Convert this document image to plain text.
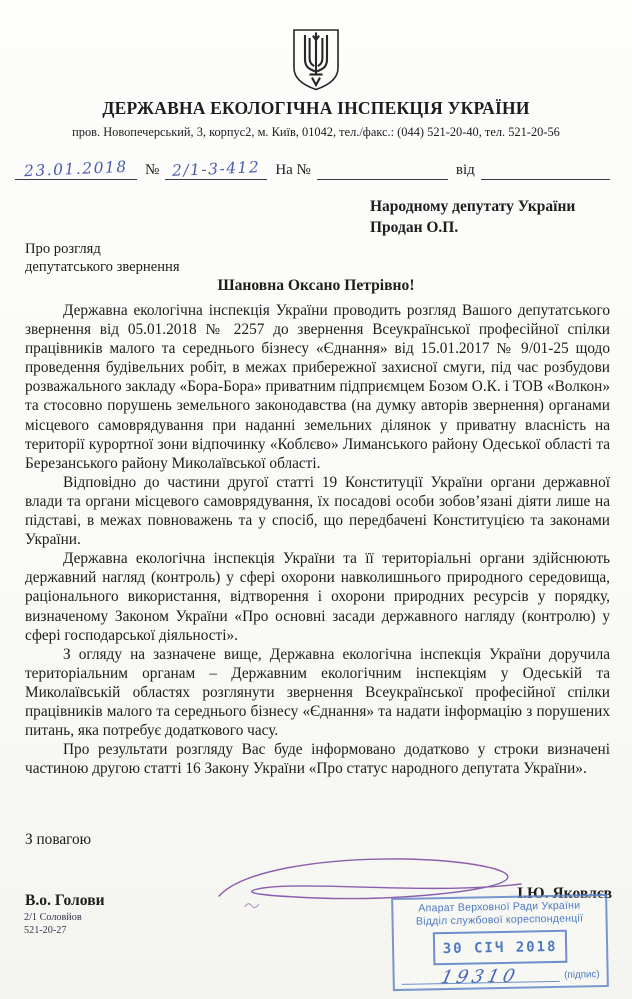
ДЕРЖАВНА ЕКОЛОГІЧНА ІНСПЕКЦІЯ УКРАЇНИ
пров. Новопечерський, 3, корпус2, м. Київ, 01042, тел./факс.: (044) 521-20-40, тел. 521-20-56
23.01.2018	№ 2/1-3-412 На №	від
Народному депутату України
Продан О.П.
Про розгляд
депутатського звернення
Шановна Оксано Петрівно!

Державна екологічна інспекція України проводить розгляд Вашого депутатського звернення від 05.01.2018 № 2257 до звернення Всеукраїнської професійної спілки працівників малого та середнього бізнесу «Єднання» від 15.01.2017 № 9/01-25 щодо проведення будівельних робіт, в межах прибережної захисної смуги, під час розбудови розважального закладу «Бора-Бора» приватним підприємцем Бозом О.К. і ТОВ «Волкон» та стосовно порушень земельного законодавства (на думку авторів звернення) органами місцевого самоврядування при наданні земельних ділянок у приватну власність на території курортної зони відпочинку «Коблєво» Лиманського району Одеської області та Березанського району Миколаївської області.

Відповідно до частини другої статті 19 Конституції України органи державної влади та органи місцевого самоврядування, їх посадові особи зобов’язані діяти лише на підставі, в межах повноважень та у спосіб, що передбачені Конституцією та законами України.

Державна екологічна інспекція України та її територіальні органи здійснюють державний нагляд (контроль) у сфері охорони навколишнього природного середовища, раціонального використання, відтворення і охорони природних ресурсів у порядку, визначеному Законом України «Про основні засади державного нагляду (контролю) у сфері господарської діяльності».

З огляду на зазначене вище, Державна екологічна інспекція України доручила територіальним органам – Державним екологічним інспекціям у Одеській та Миколаївській областях розглянути звернення Всеукраїнської професійної спілки працівників малого та середнього бізнесу «Єднання» та надати інформацію з порушених питань, яка потребує додаткового часу.

Про результати розгляду Вас буде інформовано додатково у строки визначені частиною другою статті 16 Закону України «Про статус народного депутата України».

З повагою
В.о. Голови	І.Ю. Яковлєв
Апарат Верховної Ради України
Відділ службової кореспонденції
30 СІЧ 2018
19310	(підпис)
2/1 Соловйов
521-20-27
